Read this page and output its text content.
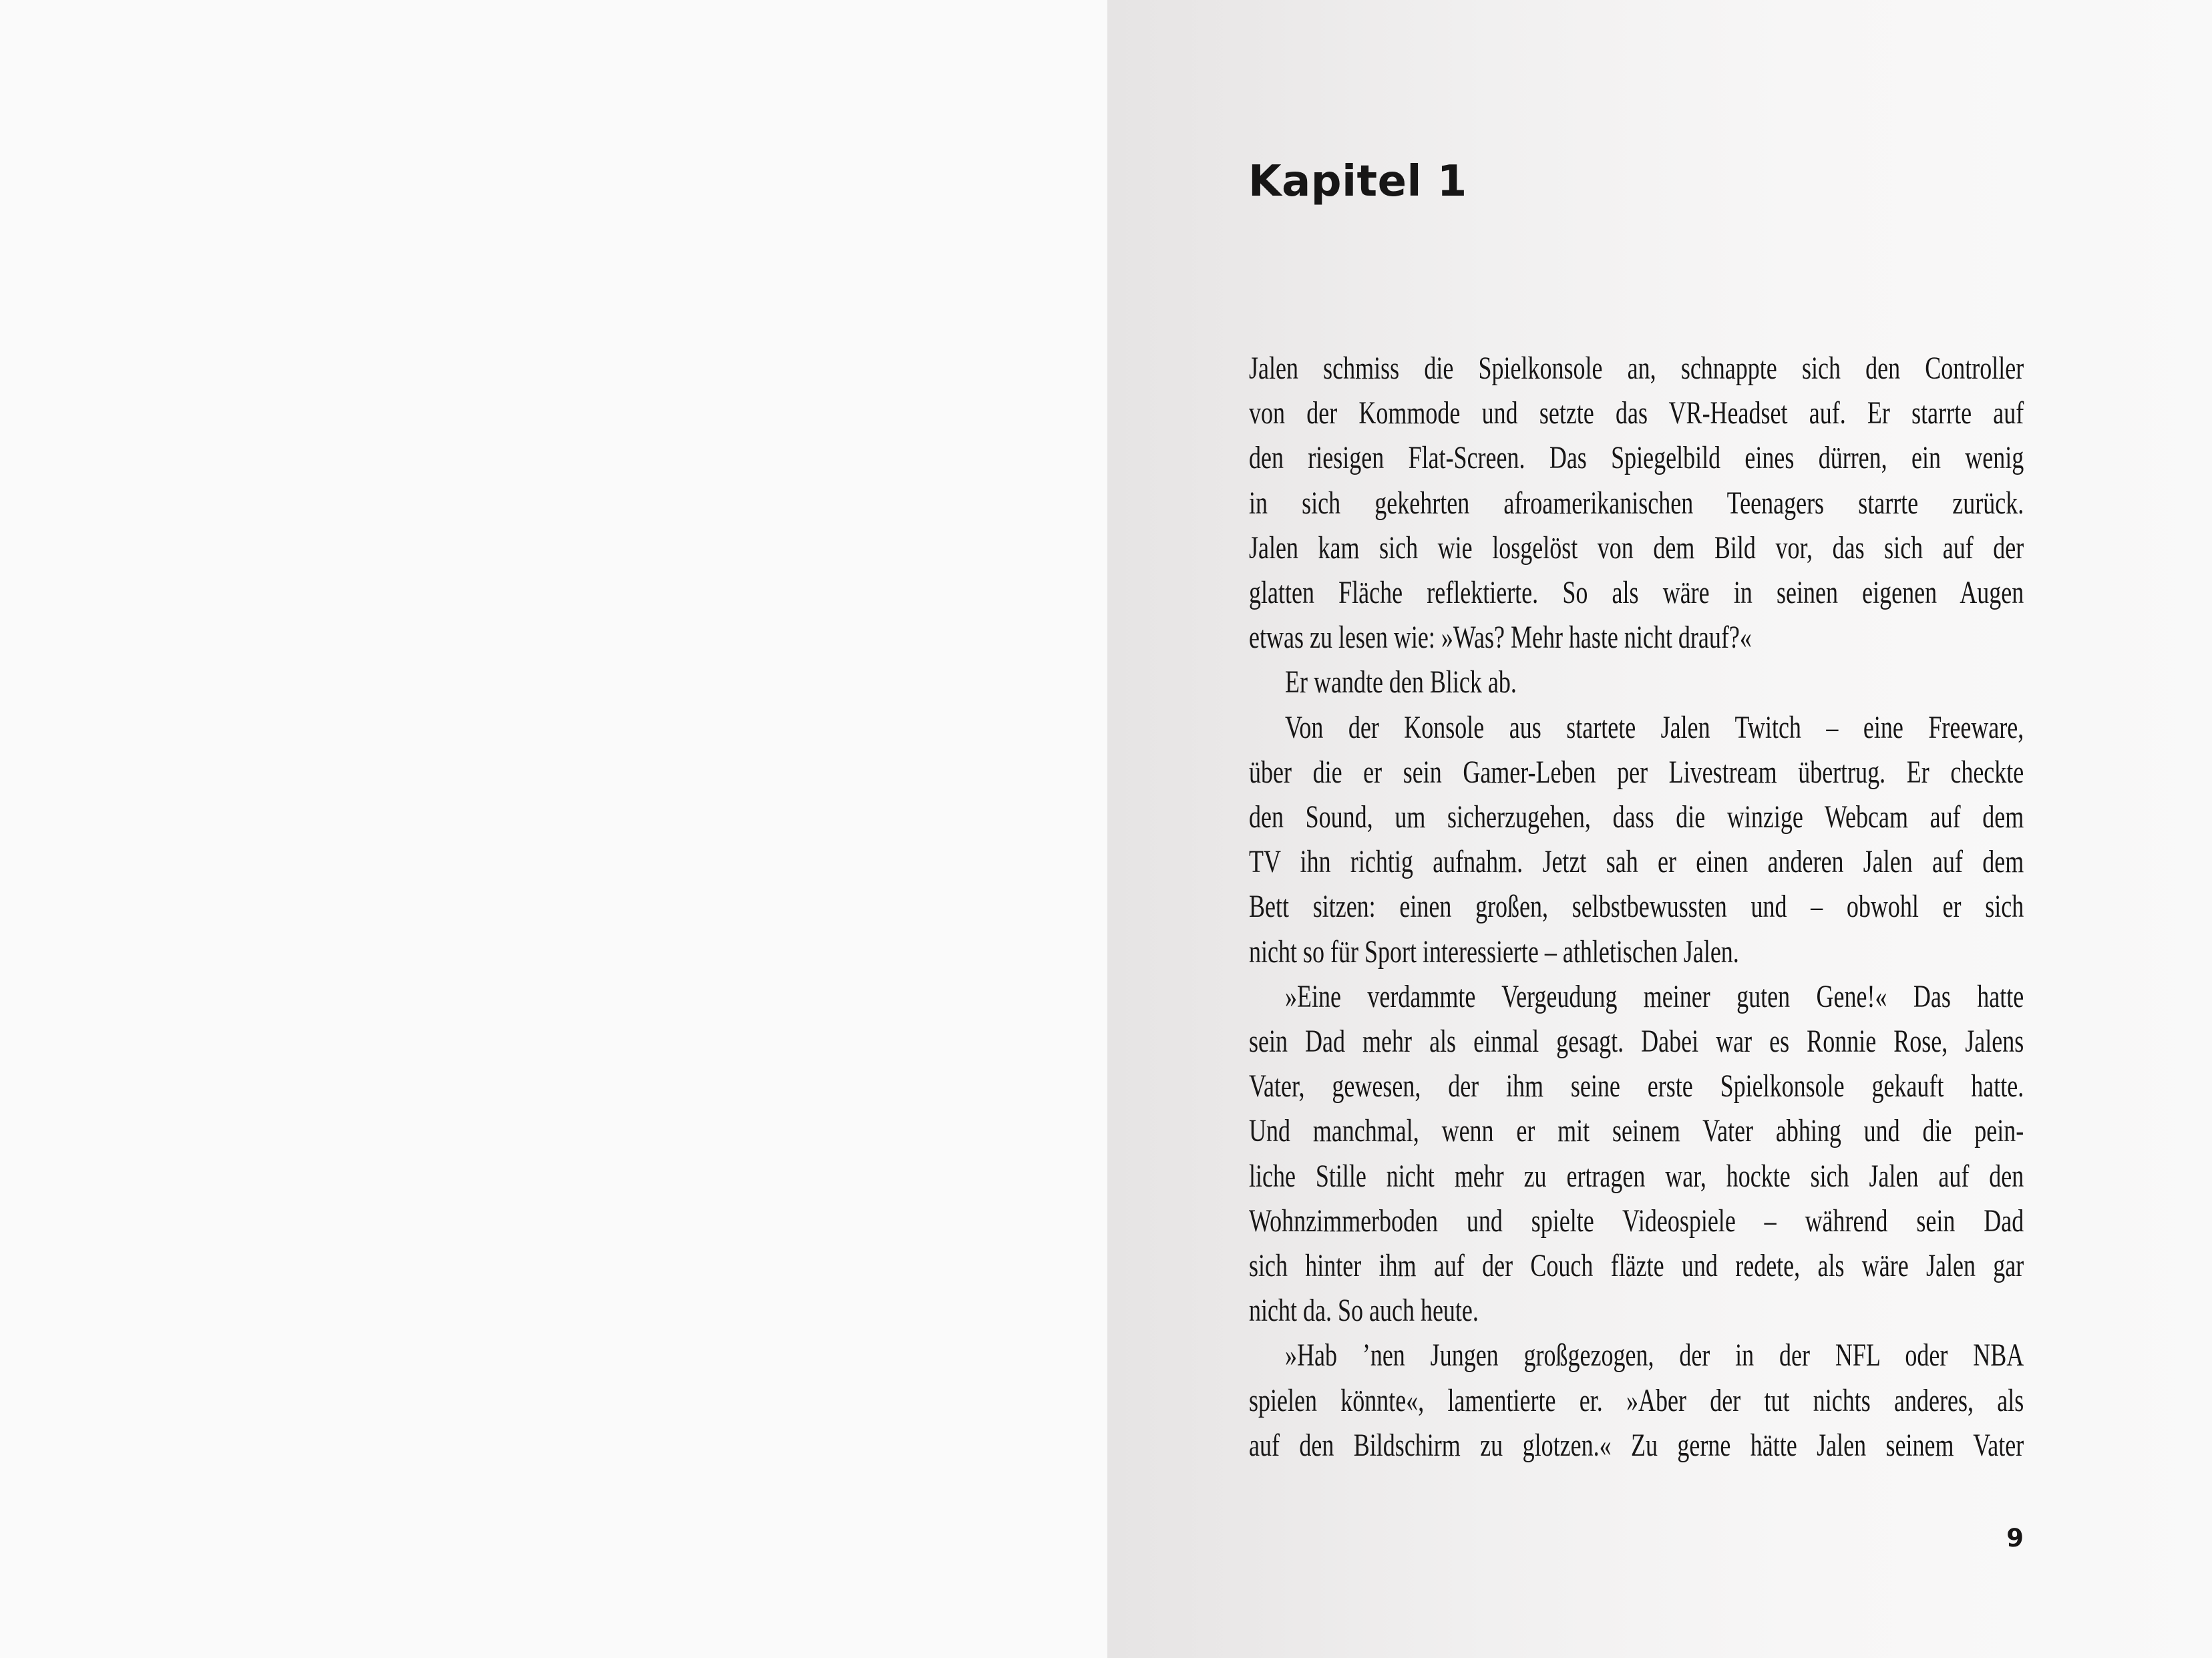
Kapitel 1
Jalen schmiss die Spielkonsole an, schnappte sich den Controller
von der Kommode und setzte das VR-Headset auf. Er starrte auf
den riesigen Flat-Screen. Das Spiegelbild eines dürren, ein wenig
in sich gekehrten afroamerikanischen Teenagers starrte zurück.
Jalen kam sich wie losgelöst von dem Bild vor, das sich auf der
glatten Fläche reflektierte. So als wäre in seinen eigenen Augen
etwas zu lesen wie: »Was? Mehr haste nicht drauf?«
Er wandte den Blick ab.
Von der Konsole aus startete Jalen Twitch – eine Freeware,
über die er sein Gamer-Leben per Livestream übertrug. Er checkte
den Sound, um sicherzugehen, dass die winzige Webcam auf dem
TV ihn richtig aufnahm. Jetzt sah er einen anderen Jalen auf dem
Bett sitzen: einen großen, selbstbewussten und – obwohl er sich
nicht so für Sport interessierte – athletischen Jalen.
»Eine verdammte Vergeudung meiner guten Gene!« Das hatte
sein Dad mehr als einmal gesagt. Dabei war es Ronnie Rose, Jalens
Vater, gewesen, der ihm seine erste Spielkonsole gekauft hatte.
Und manchmal, wenn er mit seinem Vater abhing und die pein-
liche Stille nicht mehr zu ertragen war, hockte sich Jalen auf den
Wohnzimmerboden und spielte Videospiele – während sein Dad
sich hinter ihm auf der Couch fläzte und redete, als wäre Jalen gar
nicht da. So auch heute.
»Hab ’nen Jungen großgezogen, der in der NFL oder NBA
spielen könnte«, lamentierte er. »Aber der tut nichts anderes, als
auf den Bildschirm zu glotzen.« Zu gerne hätte Jalen seinem Vater
9
